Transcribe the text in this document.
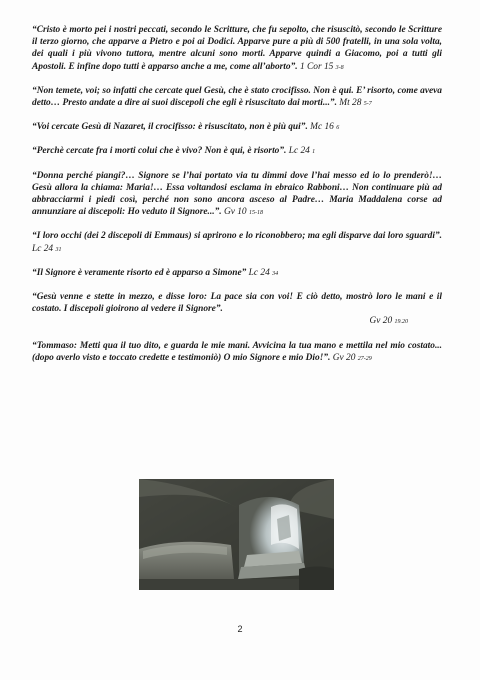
“Cristo è morto pei i nostri peccati, secondo le Scritture, che fu sepolto, che risuscitò, secondo le Scritture il terzo giorno, che apparve a Pietro e poi ai Dodici. Apparve pure a più di 500 fratelli, in una sola volta, dei quali i più vivono tuttora, mentre alcuni sono morti. Apparve quindi a Giacomo, poi a tutti gli Apostoli. E infine dopo tutti è apparso anche a me, come all’aborto”. 1 Cor 15 3-8

“Non temete, voi; so infatti che cercate quel Gesù, che è stato crocifisso. Non è qui. E’ risorto, come aveva detto… Presto andate a dire ai suoi discepoli che egli è risuscitato dai morti...”. Mt 28 5-7

“Voi cercate Gesù di Nazaret, il crocifisso: è risuscitato, non è più qui”. Mc 16 6

“Perchè cercate fra i morti colui che è vivo? Non è qui, è risorto”. Lc 24 1

“Donna perché piangi?… Signore se l’hai portato via tu dimmi dove l’hai messo ed io lo prenderò!… Gesù allora la chiama: Maria!… Essa voltandosi esclama in ebraico Rabboni… Non continuare più ad abbracciarmi i piedi così, perché non sono ancora asceso al Padre… Maria Maddalena corse ad annunziare ai discepoli: Ho veduto il Signore...”. Gv 10 15-18

“I loro occhi (dei 2 discepoli di Emmaus) si aprirono e lo riconobbero; ma egli disparve dai loro sguardi”. Lc 24 31

“Il Signore è veramente risorto ed è apparso a Simone” Lc 24 34

“Gesù venne e stette in mezzo, e disse loro: La pace sia con voi! E ciò detto, mostrò loro le mani e il costato. I discepoli gioirono al vedere il Signore”.
Gv 20 19.20

“Tommaso: Metti qua il tuo dito, e guarda le mie mani. Avvicina la tua mano e mettila nel mio costato...(dopo averlo visto e toccato credette e testimoniò) O mio Signore e mio Dio!”. Gv 20 27-29

2
